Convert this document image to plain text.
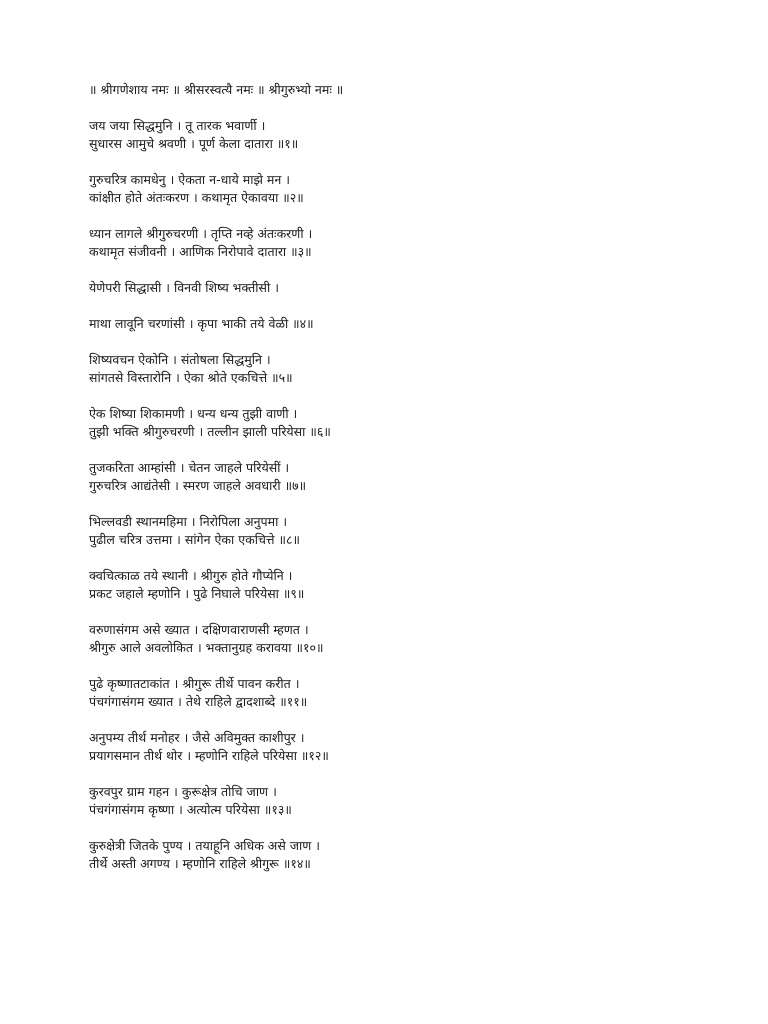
॥ श्रीगणेशाय नमः ॥ श्रीसरस्वत्यै नमः ॥ श्रीगुरुभ्यो नमः ॥
जय जया सिद्धमुनि । तू तारक भवार्णी ।
सुधारस आमुचे श्रवणी । पूर्ण केला दातारा ॥१॥
गुरुचरित्र कामधेनु । ऐकता न-धाये माझे मन ।
कांक्षीत होते अंतःकरण । कथामृत ऐकावया ॥२॥
ध्यान लागले श्रीगुरुचरणी । तृप्ति नव्हे अंतःकरणी ।
कथामृत संजीवनी । आणिक निरोपावे दातारा ॥३॥
येणेपरी सिद्धासी । विनवी शिष्य भक्तीसी ।
माथा लावूनि चरणांसी । कृपा भाकी तये वेळी ॥४॥
शिष्यवचन ऐकोनि । संतोषला सिद्धमुनि ।
सांगतसे विस्तारोनि । ऐका श्रोते एकचित्ते ॥५॥
ऐक शिष्या शिकामणी । धन्य धन्य तुझी वाणी ।
तुझी भक्ति श्रीगुरुचरणी । तल्लीन झाली परियेसा ॥६॥
तुजकरिता आम्हांसी । चेतन जाहले परियेसीं ।
गुरुचरित्र आद्यंतेसी । स्मरण जाहले अवधारी ॥७॥
भिल्लवडी स्थानमहिमा । निरोपिला अनुपमा ।
पुढील चरित्र उत्तमा । सांगेन ऐका एकचित्ते ॥८॥
क्वचित्काळ तये स्थानी । श्रीगुरु होते गौप्येनि ।
प्रकट जहाले म्हणोनि । पुढे निघाले परियेसा ॥९॥
वरुणासंगम असे ख्यात । दक्षिणवाराणसी म्हणत ।
श्रीगुरु आले अवलोकित । भक्तानुग्रह करावया ॥१०॥
पुढे कृष्णातटाकांत । श्रीगुरू तीर्थे पावन करीत ।
पंचगंगासंगम ख्यात । तेथे राहिले द्वादशाब्दे ॥११॥
अनुपम्य तीर्थ मनोहर । जैसे अविमुक्त काशीपुर ।
प्रयागसमान तीर्थ थोर । म्हणोनि राहिले परियेसा ॥१२॥
कुरवपुर ग्राम गहन । कुरूक्षेत्र तोचि जाण ।
पंचगंगासंगम कृष्णा । अत्योत्म परियेसा ॥१३॥
कुरुक्षेत्री जितके पुण्य । तयाहूनि अधिक असे जाण ।
तीर्थे अस्ती अगण्य । म्हणोनि राहिले श्रीगुरू ॥१४॥
